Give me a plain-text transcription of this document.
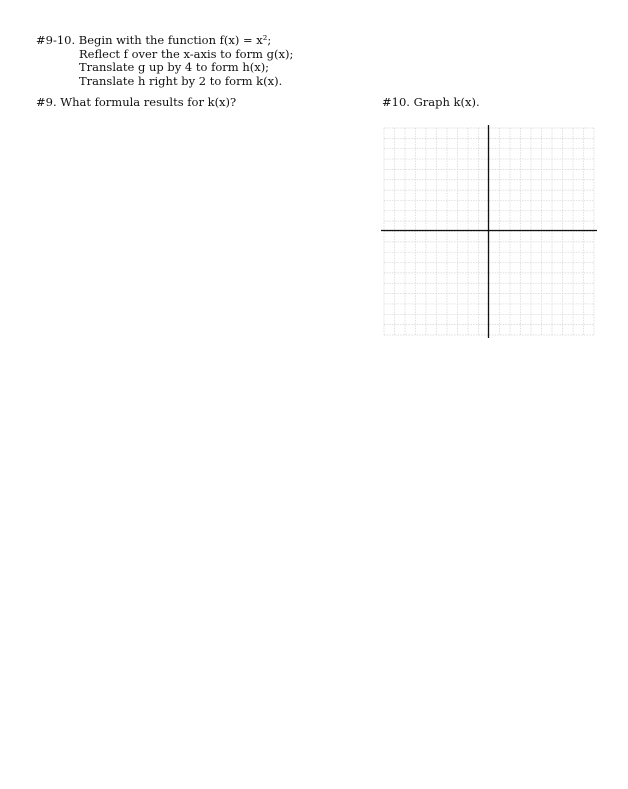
#9-10. Begin with the function f(x) = x²;
Reflect f over the x-axis to form g(x);
Translate g up by 4 to form h(x);
Translate h right by 2 to form k(x).
#9. What formula results for k(x)?	#10. Graph k(x).
